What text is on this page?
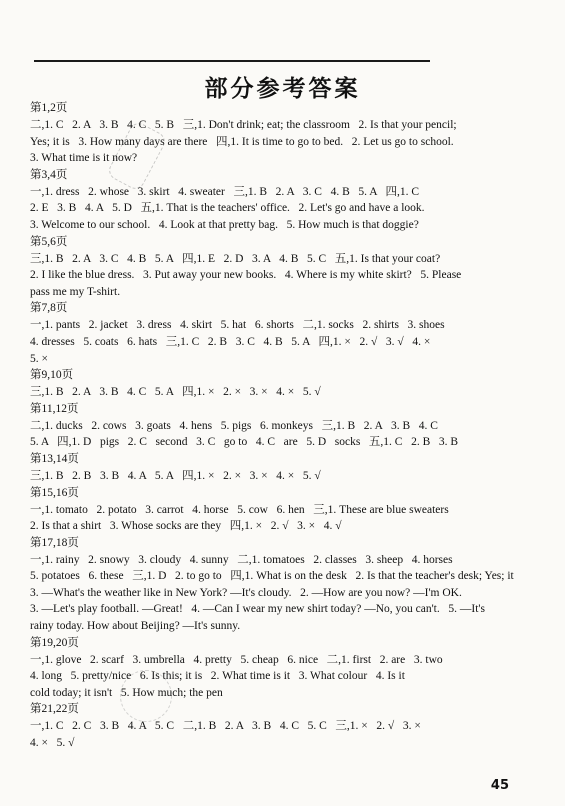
部分参考答案
第1,2页
二,1. C   2. A   3. B   4. C   5. B   三,1. Don't drink; eat; the classroom   2. Is that your pencil;
Yes; it is   3. How many days are there   四,1. It is time to go to bed.   2. Let us go to school.
3. What time is it now?
第3,4页
一,1. dress   2. whose   3. skirt   4. sweater   三,1. B   2. A   3. C   4. B   5. A   四,1. C
2. E   3. B   4. A   5. D   五,1. That is the teachers' office.   2. Let's go and have a look.
3. Welcome to our school.   4. Look at that pretty bag.   5. How much is that doggie?
第5,6页
三,1. B   2. A   3. C   4. B   5. A   四,1. E   2. D   3. A   4. B   5. C   五,1. Is that your coat?
2. I like the blue dress.   3. Put away your new books.   4. Where is my white skirt?   5. Please
pass me my T-shirt.
第7,8页
一,1. pants   2. jacket   3. dress   4. skirt   5. hat   6. shorts   二,1. socks   2. shirts   3. shoes
4. dresses   5. coats   6. hats   三,1. C   2. B   3. C   4. B   5. A   四,1. ×   2. √   3. √   4. ×
5. ×
第9,10页
三,1. B   2. A   3. B   4. C   5. A   四,1. ×   2. ×   3. ×   4. ×   5. √
第11,12页
二,1. ducks   2. cows   3. goats   4. hens   5. pigs   6. monkeys   三,1. B   2. A   3. B   4. C
5. A   四,1. D   pigs   2. C   second   3. C   go to   4. C   are   5. D   socks   五,1. C   2. B   3. B
第13,14页
三,1. B   2. B   3. B   4. A   5. A   四,1. ×   2. ×   3. ×   4. ×   5. √
第15,16页
一,1. tomato   2. potato   3. carrot   4. horse   5. cow   6. hen   三,1. These are blue sweaters
2. Is that a shirt   3. Whose socks are they   四,1. ×   2. √   3. ×   4. √
第17,18页
一,1. rainy   2. snowy   3. cloudy   4. sunny   二,1. tomatoes   2. classes   3. sheep   4. horses
5. potatoes   6. these   三,1. D   2. to go to   四,1. What is on the desk   2. Is that the teacher's desk; Yes; it
3. —What's the weather like in New York? —It's cloudy.   2. —How are you now? —I'm OK.
3. —Let's play football. —Great!   4. —Can I wear my new shirt today? —No, you can't.   5. —It's
rainy today. How about Beijing? —It's sunny.
第19,20页
一,1. glove   2. scarf   3. umbrella   4. pretty   5. cheap   6. nice   二,1. first   2. are   3. two
4. long   5. pretty/nice   6. Is this; it is   2. What time is it   3. What colour   4. Is it
cold today; it isn't   5. How much; the pen
第21,22页
一,1. C   2. C   3. B   4. A   5. C   二,1. B   2. A   3. B   4. C   5. C   三,1. ×   2. √   3. ×
4. ×   5. √
45
